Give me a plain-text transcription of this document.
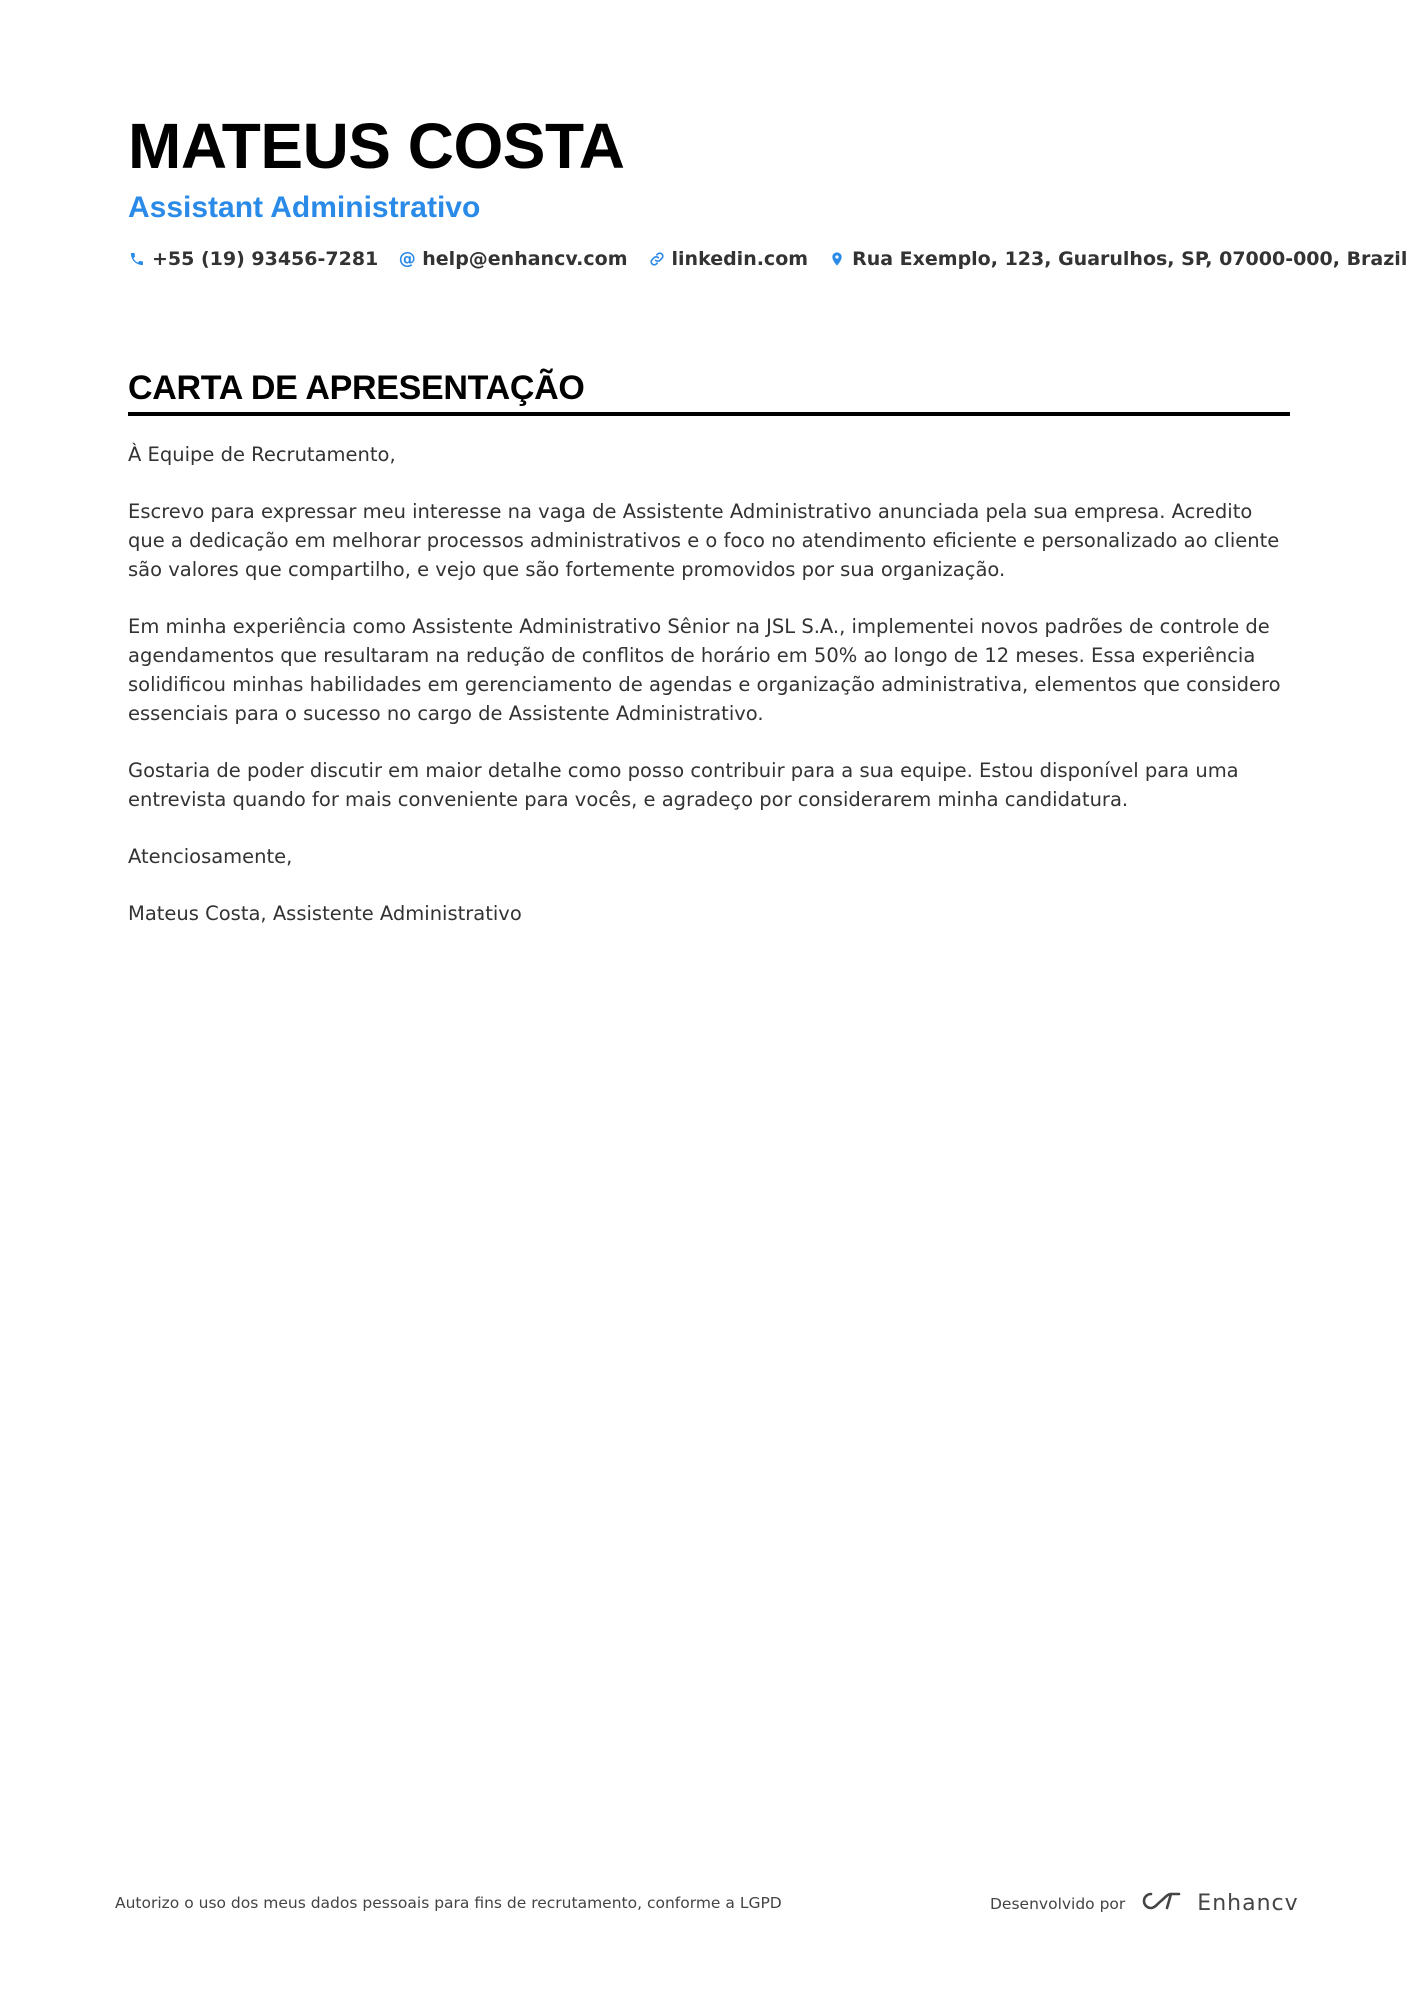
MATEUS COSTA
Assistant Administrativo
+55 (19) 93456-7281 @ help@enhancv.com linkedin.com Rua Exemplo, 123, Guarulhos, SP, 07000-000, Brazil
CARTA DE APRESENTAÇÃO

À Equipe de Recrutamento,

Escrevo para expressar meu interesse na vaga de Assistente Administrativo anunciada pela sua empresa. Acredito que a dedicação em melhorar processos administrativos e o foco no atendimento eficiente e personalizado ao cliente são valores que compartilho, e vejo que são fortemente promovidos por sua organização.

Em minha experiência como Assistente Administrativo Sênior na JSL S.A., implementei novos padrões de controle de agendamentos que resultaram na redução de conflitos de horário em 50% ao longo de 12 meses. Essa experiência solidificou minhas habilidades em gerenciamento de agendas e organização administrativa, elementos que considero essenciais para o sucesso no cargo de Assistente Administrativo.

Gostaria de poder discutir em maior detalhe como posso contribuir para a sua equipe. Estou disponível para uma entrevista quando for mais conveniente para vocês, e agradeço por considerarem minha candidatura.

Atenciosamente,

Mateus Costa, Assistente Administrativo

Autorizo o uso dos meus dados pessoais para fins de recrutamento, conforme a LGPD	Desenvolvido por	Enhancv
